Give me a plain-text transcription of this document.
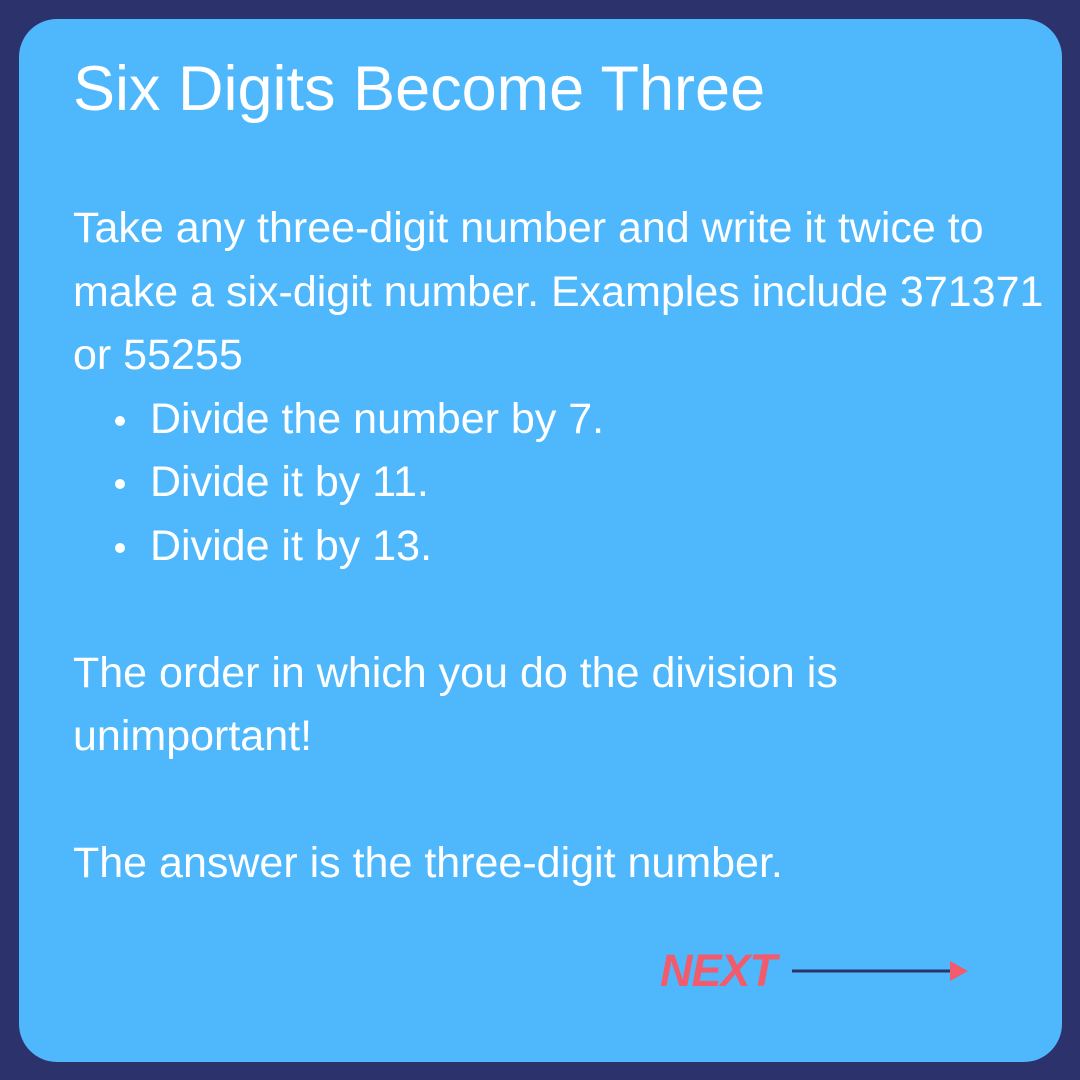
Six Digits Become Three

Take any three-digit number and write it twice to make a six-digit number. Examples include 371371 or 55255

Divide the number by 7.
Divide it by 11.
Divide it by 13.

The order in which you do the division is unimportant!

The answer is the three-digit number.

NEXT
